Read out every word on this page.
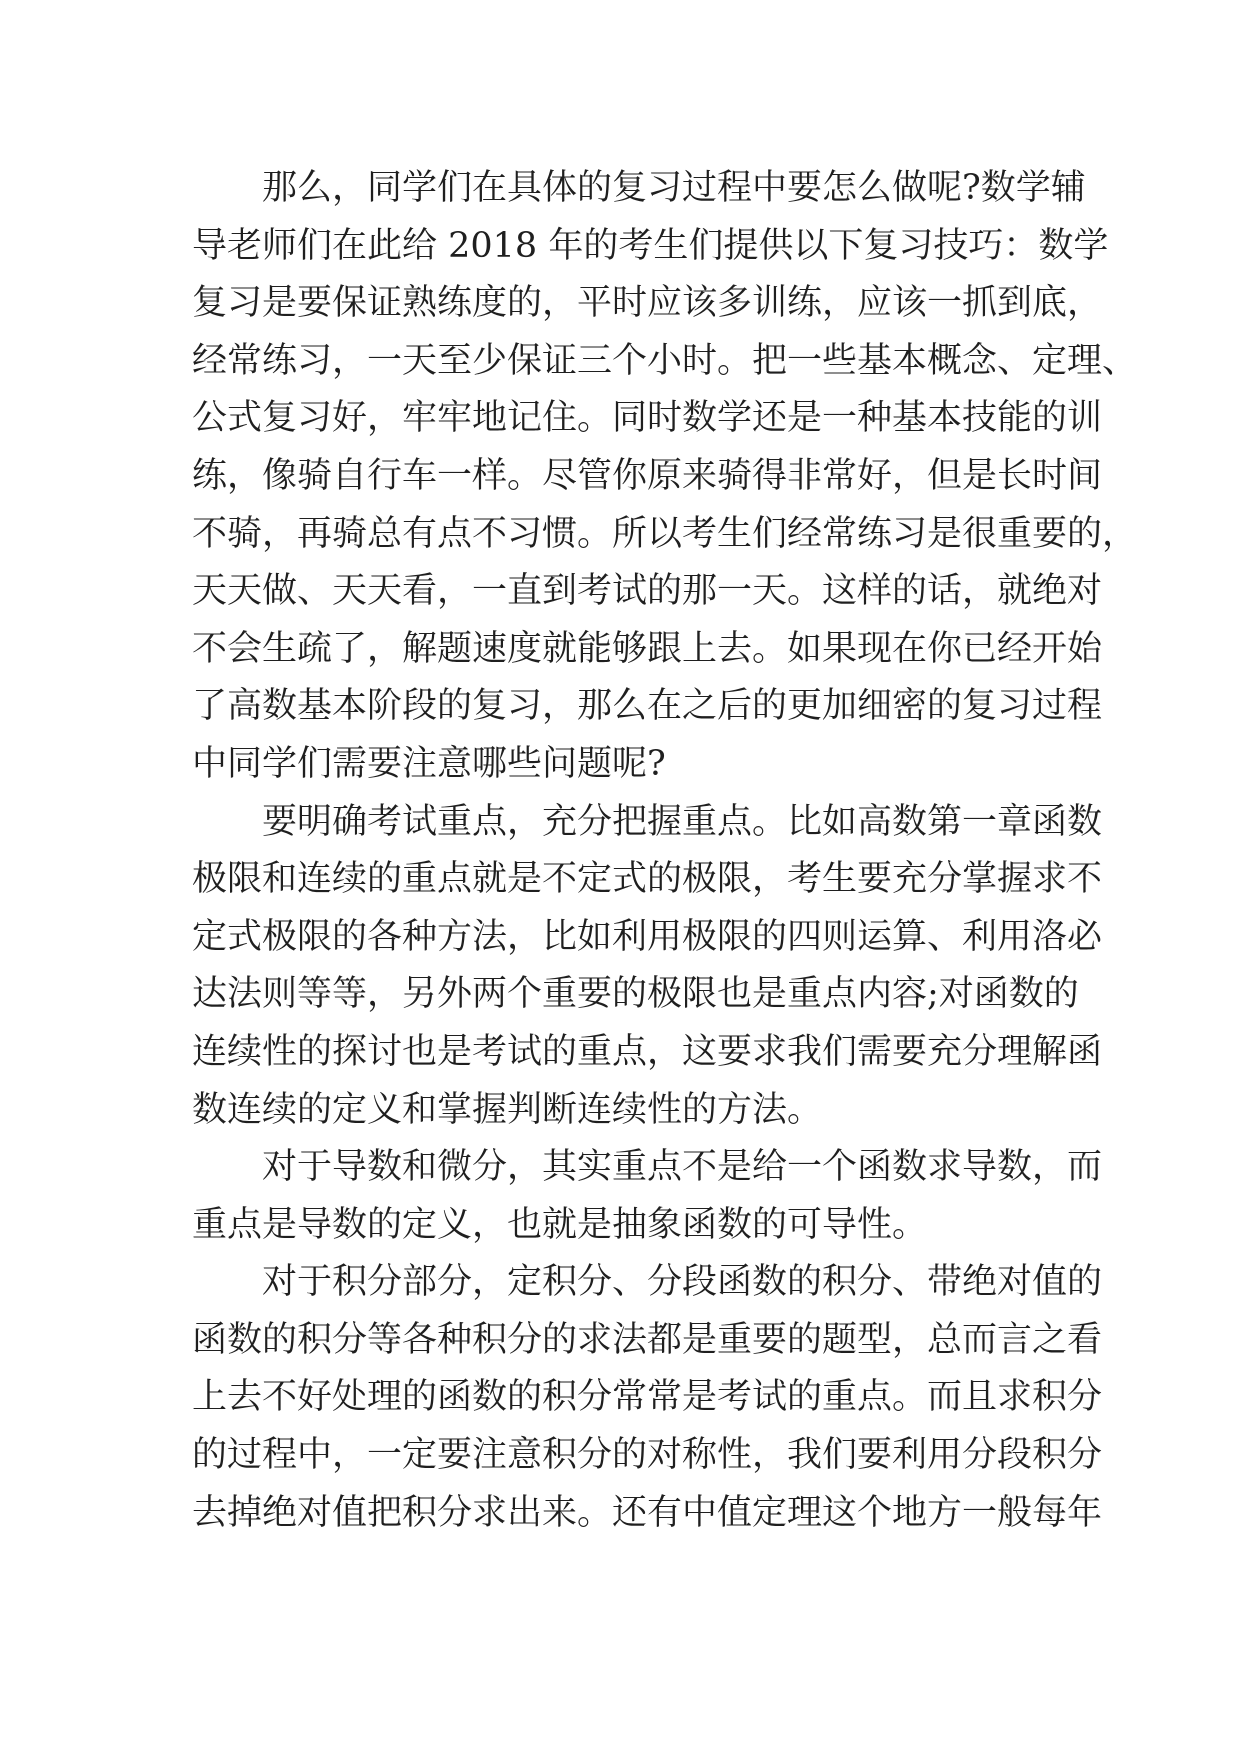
那么，同学们在具体的复习过程中要怎么做呢?数学辅
导老师们在此给 2018 年的考生们提供以下复习技巧：数学
复习是要保证熟练度的，平时应该多训练，应该一抓到底，
经常练习，一天至少保证三个小时。把一些基本概念、定理、
公式复习好，牢牢地记住。同时数学还是一种基本技能的训
练，像骑自行车一样。尽管你原来骑得非常好，但是长时间
不骑，再骑总有点不习惯。所以考生们经常练习是很重要的，
天天做、天天看，一直到考试的那一天。这样的话，就绝对
不会生疏了，解题速度就能够跟上去。如果现在你已经开始
了高数基本阶段的复习，那么在之后的更加细密的复习过程
中同学们需要注意哪些问题呢?
要明确考试重点，充分把握重点。比如高数第一章函数
极限和连续的重点就是不定式的极限，考生要充分掌握求不
定式极限的各种方法，比如利用极限的四则运算、利用洛必
达法则等等，另外两个重要的极限也是重点内容;对函数的
连续性的探讨也是考试的重点，这要求我们需要充分理解函
数连续的定义和掌握判断连续性的方法。
对于导数和微分，其实重点不是给一个函数求导数，而
重点是导数的定义，也就是抽象函数的可导性。
对于积分部分，定积分、分段函数的积分、带绝对值的
函数的积分等各种积分的求法都是重要的题型，总而言之看
上去不好处理的函数的积分常常是考试的重点。而且求积分
的过程中，一定要注意积分的对称性，我们要利用分段积分
去掉绝对值把积分求出来。还有中值定理这个地方一般每年
